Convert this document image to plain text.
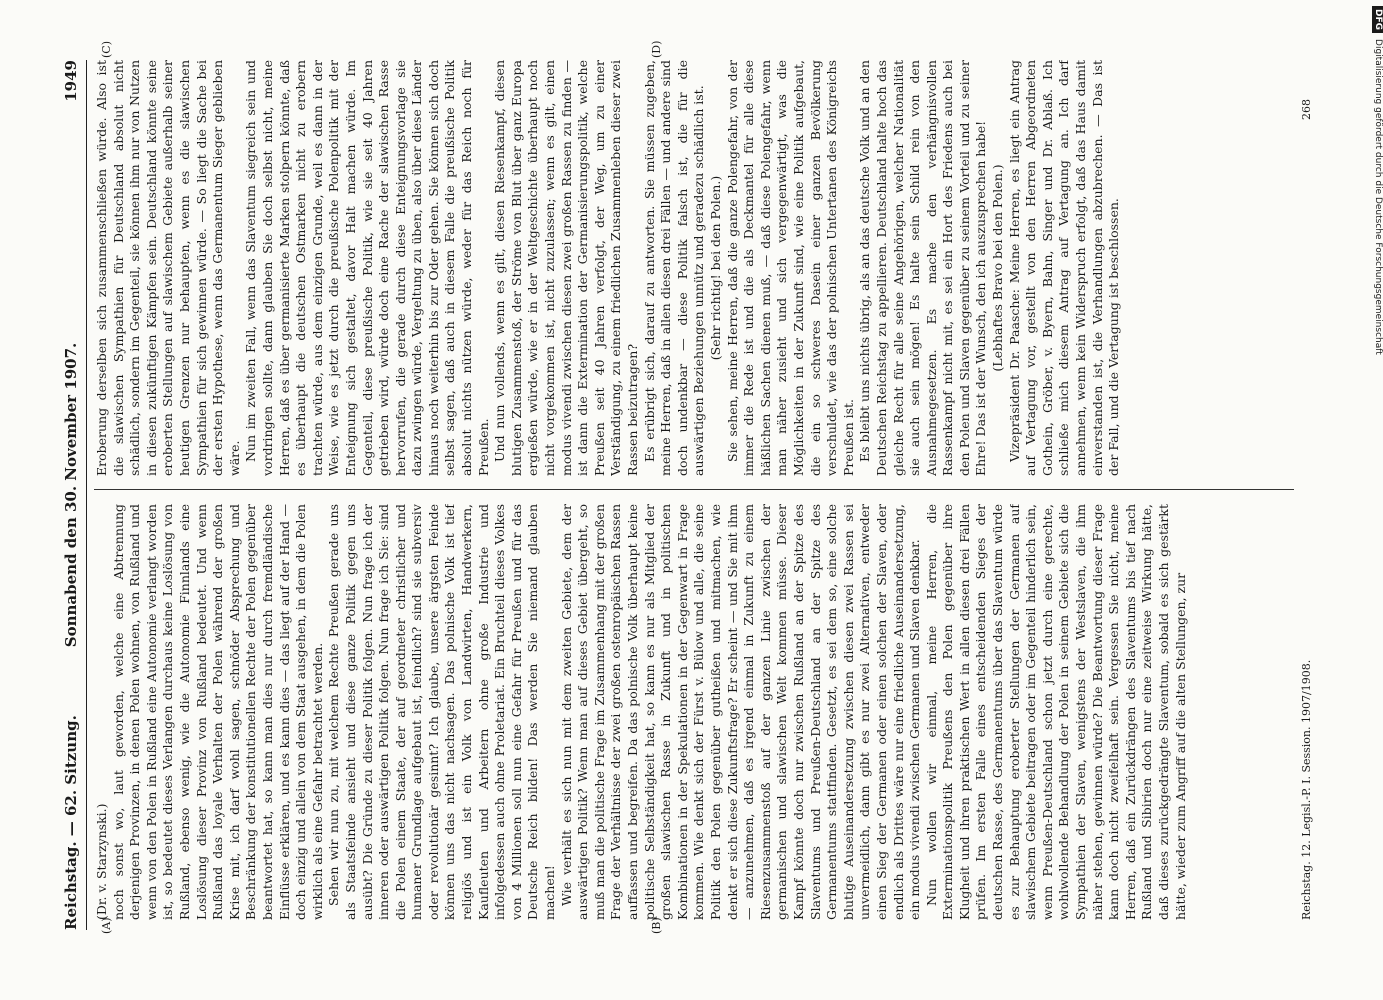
Reichstag. — 62. Sitzung.
Sonnabend den 30. November 1907.
1949
(A)	(B)
(C)	(D)

(Dr. v. Starzynski.) noch sonst wo, laut geworden, welche eine Abtrennung derjenigen Provinzen, in denen Polen wohnen, von Rußland und wenn von den Polen in Rußland eine Autonomie verlangt worden ist, so bedeutet dieses Verlangen durchaus keine Loslösung von Rußland, ebenso wenig, wie die Autonomie Finnlands eine Loslösung dieser Provinz von Rußland bedeutet. Und wenn Rußland das loyale Verhalten der Polen während der großen Krise mit, ich darf wohl sagen, schnöder Absprechung und Beschränkung der konstitutionellen Rechte der Polen gegenüber beantwortet hat, so kann man dies nur durch fremdländische Einflüsse erklären, und es kann dies — das liegt auf der Hand — doch einzig und allein von dem Staat ausgehen, in dem die Polen wirklich als eine Gefahr betrachtet werden. Sehen wir nun zu, mit welchem Rechte Preußen gerade uns als Staatsfeinde ansieht und diese ganze Politik gegen uns ausübt? Die Gründe zu dieser Politik folgen. Nun frage ich der inneren oder auswärtigen Politik folgen. Nun frage ich Sie: sind die Polen einem Staate, der auf geordneter christlicher und humaner Grundlage aufgebaut ist, feindlich? sind sie subversiv oder revolutionär gesinnt? Ich glaube, unsere ärgsten Feinde können uns das nicht nachsagen. Das polnische Volk ist tief religiös und ist ein Volk von Landwirten, Handwerkern, Kaufleuten und Arbeitern ohne große Industrie und infolgedessen auch ohne Proletariat. Ein Bruchteil dieses Volkes von 4 Millionen soll nun eine Gefahr für Preußen und für das Deutsche Reich bilden! Das werden Sie niemand glauben machen! Wie verhält es sich nun mit dem zweiten Gebiete, dem der auswärtigen Politik? Wenn man auf dieses Gebiet übergeht, so muß man die politische Frage im Zusammenhang mit der großen Frage der Verhältnisse der zwei großen ostenropäischen Rassen auffassen und begreifen. Da das polnische Volk überhaupt keine politische Selbständigkeit hat, so kann es nur als Mitglied der großen slawischen Rasse in Zukunft und in politischen Kombinationen in der Spekulationen in der Gegenwart in Frage kommen. Wie denkt sich der Fürst v. Bülow und alle, die seine Politik den Polen gegenüber gutheißen und mitmachen, wie denkt er sich diese Zukunftsfrage? Er scheint — und Sie mit ihm — anzunehmen, daß es irgend einmal in Zukunft zu einem Riesenzusammenstoß auf der ganzen Linie zwischen der germanischen und slawischen Welt kommen müsse. Dieser Kampf könnte doch nur zwischen Rußland an der Spitze des Slaventums und Preußen-Deutschland an der Spitze des Germanentums stattfinden. Gesetzt, es sei dem so, eine solche blutige Auseinandersetzung zwischen diesen zwei Rassen sei unvermeidlich, dann gibt es nur zwei Alternativen, entweder einen Sieg der Germanen oder einen solchen der Slaven, oder endlich als Drittes wäre nur eine friedliche Auseinandersetzung, ein modus vivendi zwischen Germanen und Slaven denkbar. Nun wollen wir einmal, meine Herren, die Exterminationspolitik Preußens den Polen gegenüber ihre Klugheit und ihren praktischen Wert in allen diesen drei Fällen prüfen. Im ersten Falle eines entscheidenden Sieges der deutschen Rasse, des Germanentums über das Slaventum würde es zur Behauptung eroberter Stellungen der Germanen auf slawischem Gebiete beitragen oder im Gegenteil hinderlich sein, wenn Preußen-Deutschland schon jetzt durch eine gerechte, wohlwollende Behandlung der Polen in seinem Gebiete sich die Sympathien der Slaven, wenigstens der Westslaven, die ihm näher stehen, gewinnen würde? Die Beantwortung dieser Frage kann doch nicht zweifelhaft sein. Vergessen Sie nicht, meine Herren, daß ein Zurückdrängen des Slaventums bis tief nach Rußland und Sibirien doch nur eine zeitweise Wirkung hätte, daß dieses zurückgedrängte Slaventum, sobald es sich gestärkt hätte, wieder zum Angriff auf die alten Stellungen, zur

Eroberung derselben sich zusammenschließen würde. Also ist die slawischen Sympathien für Deutschland absolut nicht schädlich, sondern im Gegenteil, sie können ihm nur von Nutzen in diesen zukünftigen Kämpfen sein. Deutschland könnte seine eroberten Stellungen auf slawischem Gebiete außerhalb seiner heutigen Grenzen nur behaupten, wenn es die slawischen Sympathien für sich gewinnen würde. — So liegt die Sache bei der ersten Hypothese, wenn das Germanentum Sieger geblieben wäre. Nun im zweiten Fall, wenn das Slaventum siegreich sein und vordringen sollte, dann glauben Sie doch selbst nicht, meine Herren, daß es über germanisierte Marken stolpern könnte, daß es überhaupt die deutschen Ostmarken nicht zu erobern trachten würde, aus dem einzigen Grunde, weil es dann in der Weise, wie es jetzt durch die preußische Polenpolitik mit der Enteignung sich gestaltet, davor Halt machen würde. Im Gegenteil, diese preußische Politik, wie sie seit 40 Jahren getrieben wird, würde doch eine Rache der slawischen Rasse hervorrufen, die gerade durch diese Enteignungsvorlage sie dazu zwingen würde, Vergeltung zu üben, also über diese Länder hinaus noch weiterhin bis zur Oder gehen. Sie können sich doch selbst sagen, daß auch in diesem Falle die preußische Politik absolut nichts nützen würde, weder für das Reich noch für Preußen. Und nun vollends, wenn es gilt, diesen Riesenkampf, diesen blutigen Zusammenstoß, der Ströme von Blut über ganz Europa ergießen würde, wie er in der Weltgeschichte überhaupt noch nicht vorgekommen ist, nicht zuzulassen; wenn es gilt, einen modus vivendi zwischen diesen zwei großen Rassen zu finden — ist dann die Extermination der Germanisierungspolitik, welche Preußen seit 40 Jahren verfolgt, der Weg, um zu einer Verständigung, zu einem friedlichen Zusammenleben dieser zwei Rassen beizutragen? Es erübrigt sich, darauf zu antworten. Sie müssen zugeben, meine Herren, daß in allen diesen drei Fällen — und andere sind doch undenkbar — diese Politik falsch ist, die für die auswärtigen Beziehungen unnütz und geradezu schädlich ist. (Sehr richtig! bei den Polen.) Sie sehen, meine Herren, daß die ganze Polengefahr, von der immer die Rede ist und die als Deckmantel für alle diese häßlichen Sachen dienen muß, — daß diese Polengefahr, wenn man näher zusieht und sich vergegenwärtigt, was die Möglichkeiten in der Zukunft sind, wie eine Politik aufgebaut, die ein so schweres Dasein einer ganzen Bevölkerung verschuldet, wie das der polnischen Untertanen des Königreichs Preußen ist. Es bleibt uns nichts übrig, als an das deutsche Volk und an den Deutschen Reichstag zu appellieren. Deutschland halte hoch das gleiche Recht für alle seine Angehörigen, welcher Nationalität sie auch sein mögen! Es halte sein Schild rein von den Ausnahmegesetzen. Es mache den verhängnisvollen Rassenkampf nicht mit, es sei ein Hort des Friedens auch bei den Polen und Slaven gegenüber zu seinem Vorteil und zu seiner Ehre! Das ist der Wunsch, den ich auszusprechen habe! (Lebhaftes Bravo bei den Polen.) Vizepräsident Dr. Paasche: Meine Herren, es liegt ein Antrag auf Vertagung vor, gestellt von den Herren Abgeordneten Gothein, Gröber, v. Byern, Bahn, Singer und Dr. Ablaß. Ich schließe mich diesem Antrag auf Vertagung an. Ich darf annehmen, wenn kein Widerspruch erfolgt, daß das Haus damit einverstanden ist, die Verhandlungen abzubrechen. — Das ist der Fall, und die Vertagung ist beschlossen.

Reichstag. 12. Legisl.-P. I. Session. 1907/1908.
268
DFGDigitalisierung gefördert durch die Deutsche Forschungsgemeinschaft
